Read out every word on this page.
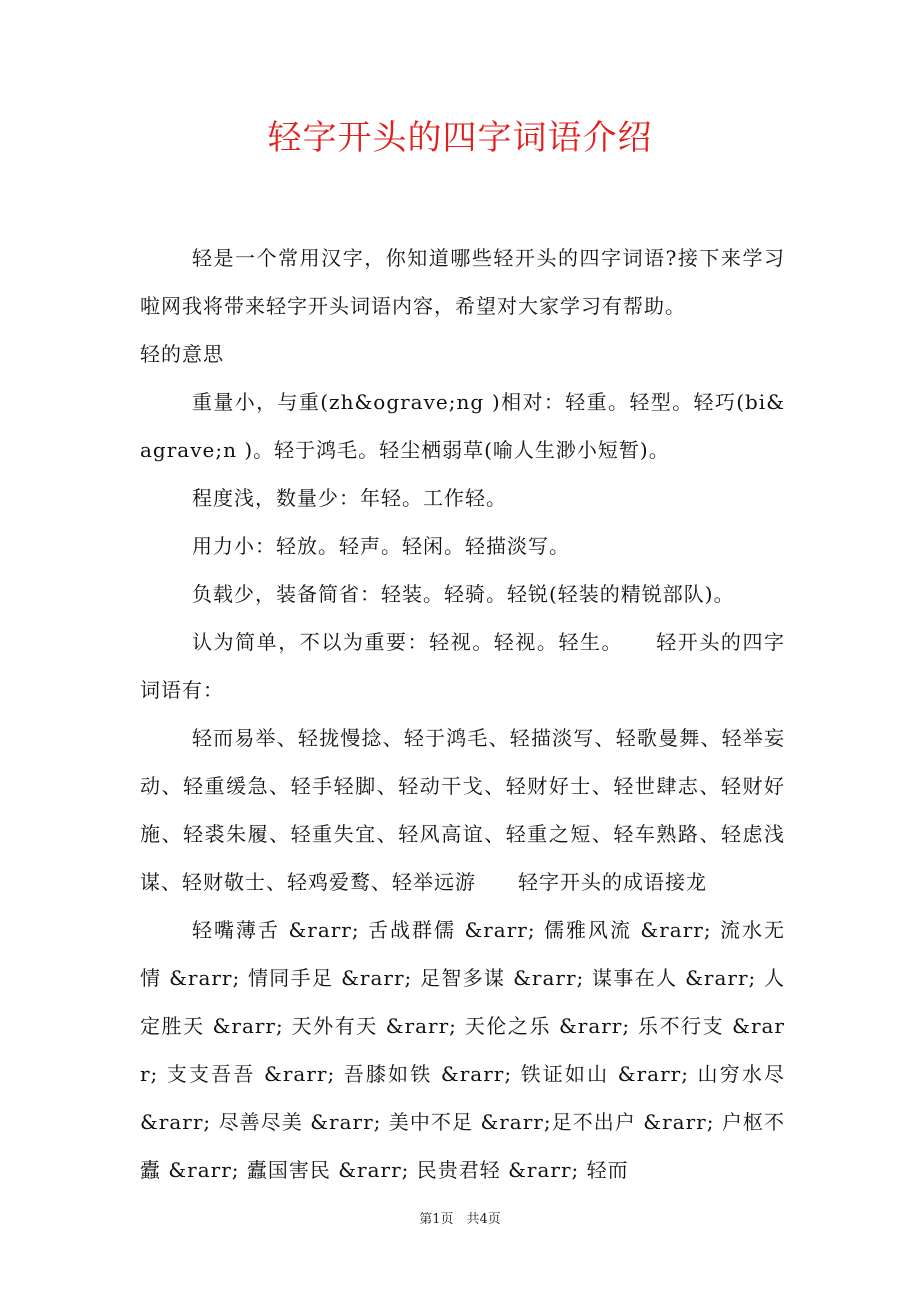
轻字开头的四字词语介绍

轻是一个常用汉字，你知道哪些轻开头的四字词语?接下来学习啦网我将带来轻字开头词语内容，希望对大家学习有帮助。

轻的意思

重量小，与重(zh&ograve;ng )相对：轻重。轻型。轻巧(bi&agrave;n )。轻于鸿毛。轻尘栖弱草(喻人生渺小短暂)。

程度浅，数量少：年轻。工作轻。

用力小：轻放。轻声。轻闲。轻描淡写。

负载少，装备简省：轻装。轻骑。轻锐(轻装的精锐部队)。

认为简单，不以为重要：轻视。轻视。轻生。　　轻开头的四字词语有：

轻而易举、轻拢慢捻、轻于鸿毛、轻描淡写、轻歌曼舞、轻举妄动、轻重缓急、轻手轻脚、轻动干戈、轻财好士、轻世肆志、轻财好施、轻裘朱履、轻重失宜、轻风高谊、轻重之短、轻车熟路、轻虑浅谋、轻财敬士、轻鸡爱鹜、轻举远游　　轻字开头的成语接龙

轻嘴薄舌 &rarr; 舌战群儒 &rarr; 儒雅风流 &rarr; 流水无情 &rarr; 情同手足 &rarr; 足智多谋 &rarr; 谋事在人 &rarr; 人定胜天 &rarr; 天外有天 &rarr; 天伦之乐 &rarr; 乐不行支 &rarr; 支支吾吾 &rarr; 吾膝如铁 &rarr; 铁证如山 &rarr; 山穷水尽 &rarr; 尽善尽美 &rarr; 美中不足 &rarr;足不出户 &rarr; 户枢不蠹 &rarr; 蠹国害民 &rarr; 民贵君轻 &rarr; 轻而

第1页　共4页
